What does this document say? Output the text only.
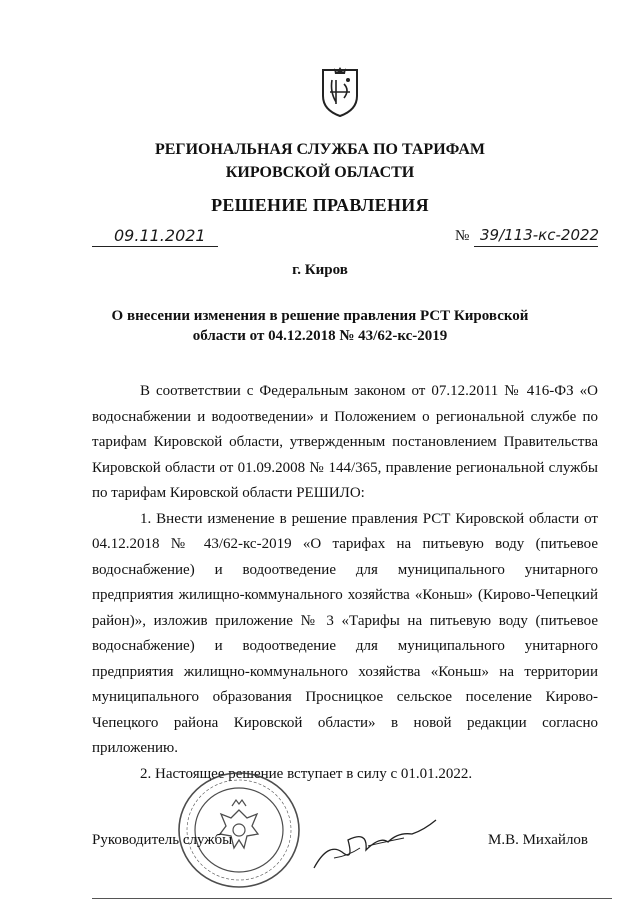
РЕГИОНАЛЬНАЯ СЛУЖБА ПО ТАРИФАМ
КИРОВСКОЙ ОБЛАСТИ
РЕШЕНИЕ ПРАВЛЕНИЯ
09.11.2021	№ 39/113-кс-2022
г. Киров
О внесении изменения в решение правления РСТ Кировской
области от 04.12.2018 № 43/62-кс-2019

В соответствии с Федеральным законом от 07.12.2011 № 416-ФЗ «О водоснабжении и водоотведении» и Положением о региональной службе по тарифам Кировской области, утвержденным постановлением Правительства Кировской области от 01.09.2008 № 144/365, правление региональной службы по тарифам Кировской области РЕШИЛО:

1. Внести изменение в решение правления РСТ Кировской области от 04.12.2018 № 43/62-кс-2019 «О тарифах на питьевую воду (питьевое водоснабжение) и водоотведение для муниципального унитарного предприятия жилищно-коммунального хозяйства «Коньш» (Кирово-Чепецкий район)», изложив приложение № 3 «Тарифы на питьевую воду (питьевое водоснабжение) и водоотведение для муниципального унитарного предприятия жилищно-коммунального хозяйства «Коньш» на территории муниципального образования Просницкое сельское поселение Кирово-Чепецкого района Кировской области» в новой редакции согласно приложению.

2. Настоящее решение вступает в силу с 01.01.2022.

Руководитель службы	М.В. Михайлов
